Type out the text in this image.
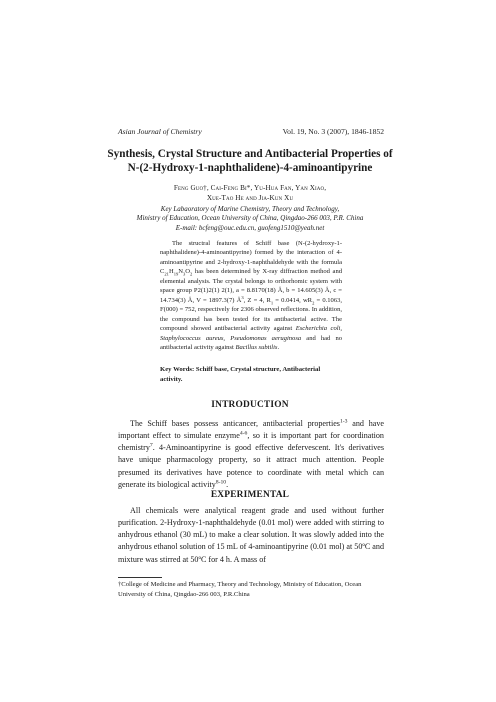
Asian Journal of Chemistry	Vol. 19, No. 3 (2007), 1846-1852
Synthesis, Crystal Structure and Antibacterial Properties of
N-(2-Hydroxy-1-naphthalidene)-4-aminoantipyrine
Feng Guo†, Cai-Feng Bi*, Yu-Hua Fan, Yan Xiao,
Xue-Tao He and Jia-Kun Xu
Key Labaoratory of Marine Chemistry, Theory and Technology,
Ministry of Education, Ocean University of China, Qingdao-266 003, P.R. China
E-mail: bcfeng@ouc.edu.cn, guofeng1510@yeah.net

The structral features of Schiff base (N-(2-hydroxy-1-naphthalidene)-4-aminoantipyrine) formed by the interaction of 4-aminoantipyrine and 2-hydroxy-1-naphthaldehyde with the formula $C_{21}H_{19}N_3O_2$ has been determined by X-ray diffraction method and elemental analysis. The crystal belongs to orthorhomic system with space group P2(1)2(1) 2(1), a = 8.8170(18) Å, b = 14.605(3) Å, c = 14.734(3) Å, V = 1897.3(7) $Å^3$, Z = 4, $R_1 = 0.0414$, $wR_2 = 0.1063$, F(000) = 752, respectively for 2306 observed reflections. In addition, the compound has been tested for its antibacterial active. The compound showed antibacterial activity against Escherichia coli, Staphylococcus aureus, Pseudomonas aeruginosa and had no antibacterial activity against Bacillus subtilis.

Key Words: Schiff base, Crystal structure, Antibacterial activity.

INTRODUCTION

The Schiff bases possess anticancer, antibacterial properties$^{1-3}$ and have important effect to simulate enzyme$^{4-6}$, so it is important part for coordination chemistry$^7$. 4-Aminoantipyrine is good effective defervescent. It's derivatives have unique pharmacology property, so it attract much attention. People presumed its derivatives have potence to coordinate with metal which can generate its biological activity$^{8-10}$.

EXPERIMENTAL

All chemicals were analytical reagent grade and used without further purification. 2-Hydroxy-1-naphthaldehyde (0.01 mol) were added with stirring to anhydrous ethanol (30 mL) to make a clear solution. It was slowly added into the anhydrous ethanol solution of 15 mL of 4-aminoantipyrine (0.01 mol) at 50ºC and mixture was stirred at 50ºC for 4 h. A mass of

†College of Medicine and Pharmacy, Theory and Technology, Ministry of Education, Ocean University of China, Qingdao-266 003, P.R.China
